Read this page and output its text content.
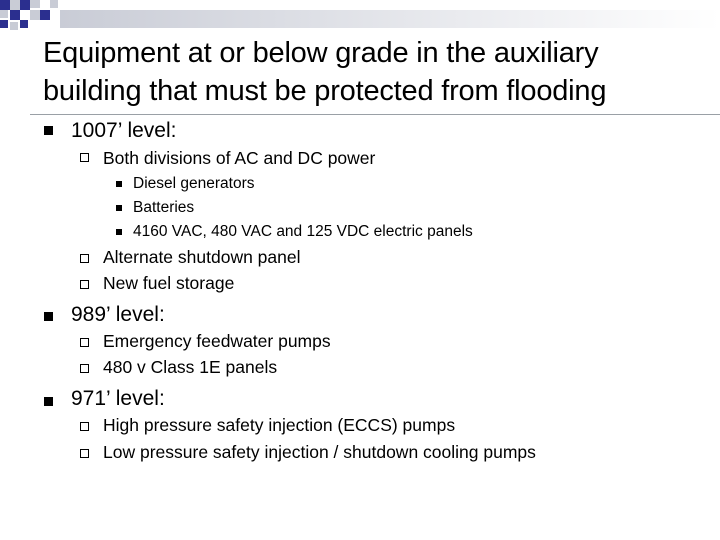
Equipment at or below grade in the auxiliary
building that must be protected from flooding
1007’ level:
Both divisions of AC and DC power
Diesel generators
Batteries
4160 VAC, 480 VAC and 125 VDC electric panels
Alternate shutdown panel
New fuel storage
989’ level:
Emergency feedwater pumps
480 v Class 1E panels
971’ level:
High pressure safety injection (ECCS) pumps
Low pressure safety injection / shutdown cooling pumps
